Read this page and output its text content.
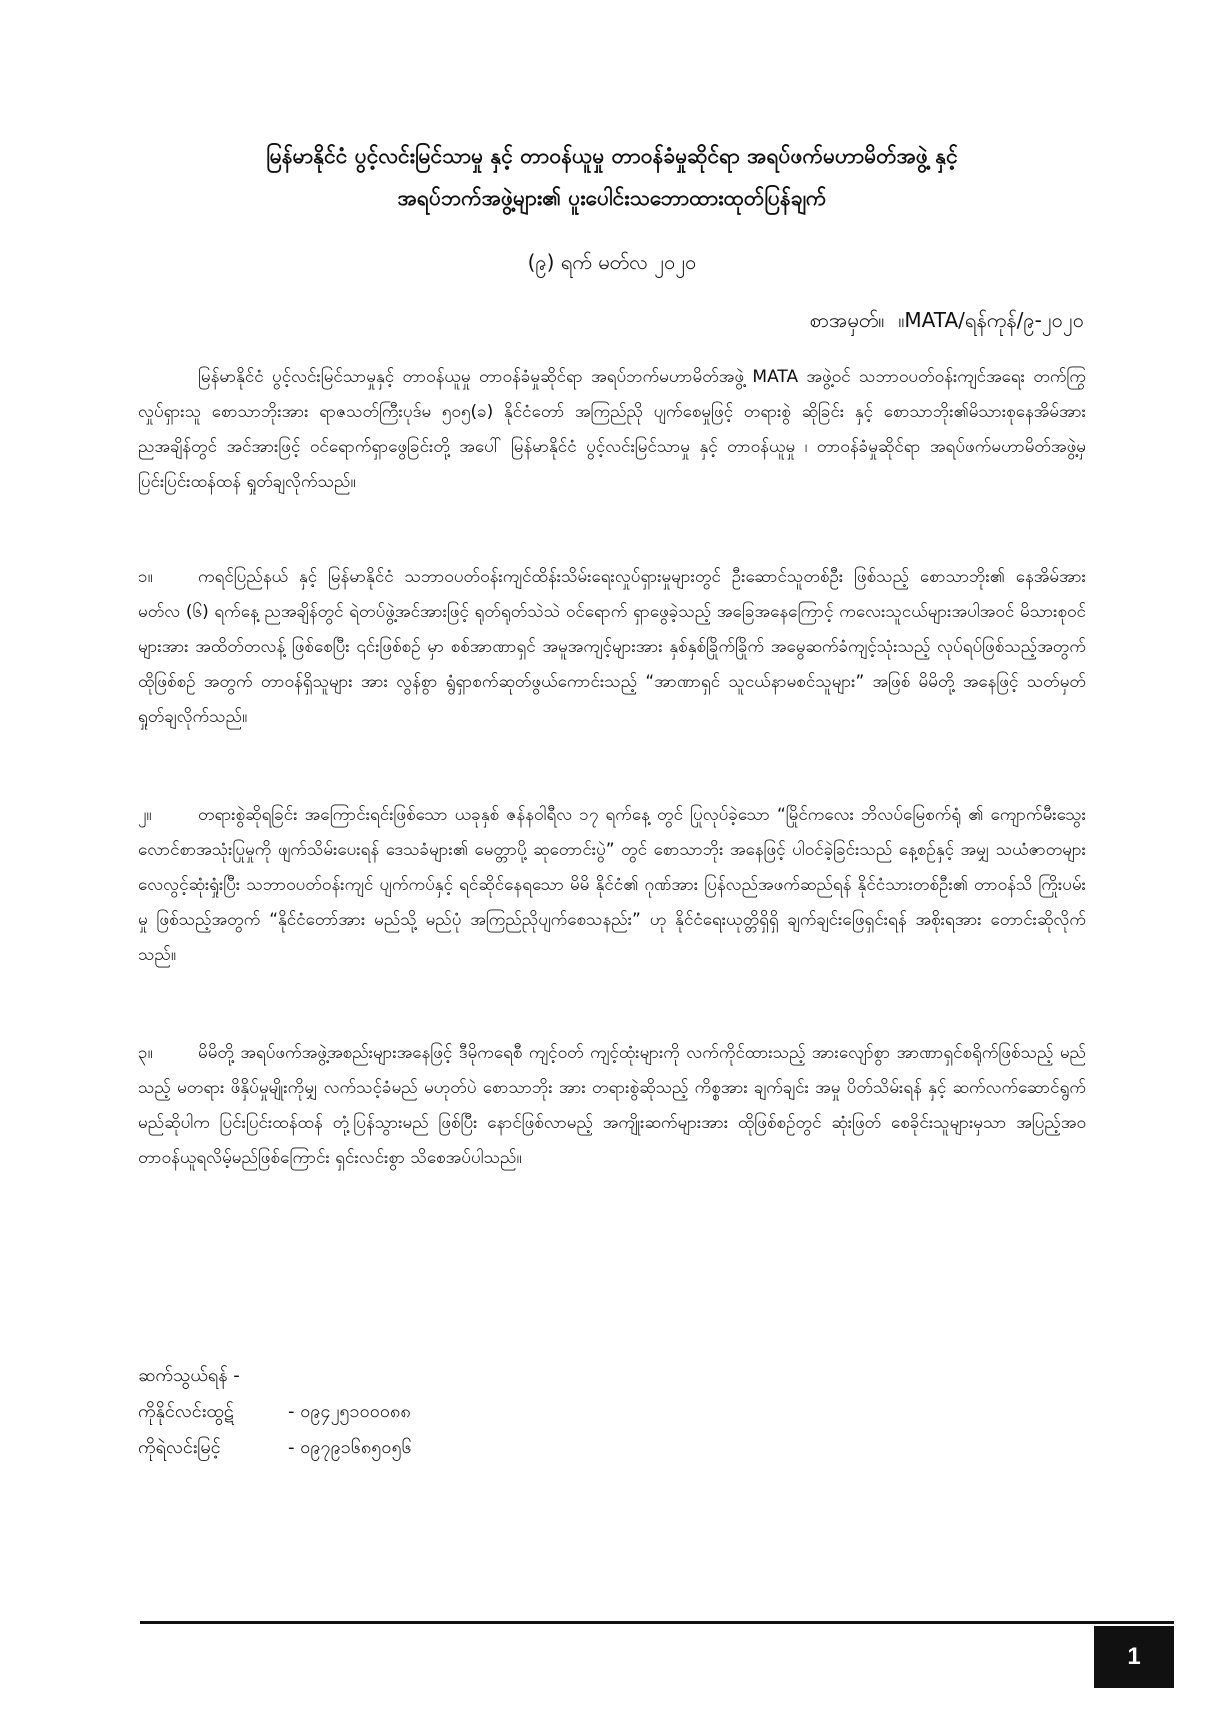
မြန်မာနိုင်ငံ ပွင့်လင်းမြင်သာမှု နှင့် တာဝန်ယူမှု တာဝန်ခံမှုဆိုင်ရာ အရပ်ဖက်မဟာမိတ်အဖွဲ့ နှင့်
အရပ်ဘက်အဖွဲ့များ၏ ပူးပေါင်းသဘောထားထုတ်ပြန်ချက်
(၉) ရက် မတ်လ ၂၀၂၀
စာအမှတ်။ ။MATA/ရန်ကုန်/၉-၂၀၂၀
မြန်မာနိုင်ငံ ပွင့်လင်းမြင်သာမှုနှင့် တာဝန်ယူမှု တာဝန်ခံမှုဆိုင်ရာ အရပ်ဘက်မဟာမိတ်အဖွဲ့ MATA အဖွဲ့ဝင် သဘာဝပတ်ဝန်းကျင်အရေး တက်ကြွလှုပ်ရှားသူ စောသာဘိုးအား ရာဇသတ်ကြီးပုဒ်မ ၅၀၅(ခ) နိုင်ငံတော် အကြည်ညို ပျက်စေမှုဖြင့် တရားစွဲ ဆိုခြင်း နှင့် စောသာဘိုး၏မိသားစုနေအိမ်အား ညအချိန်တွင် အင်အားဖြင့် ဝင်ရောက်ရှာဖွေခြင်းတို့ အပေါ် မြန်မာနိုင်ငံ ပွင့်လင်းမြင်သာမှု နှင့် တာဝန်ယူမှု ၊ တာဝန်ခံမှုဆိုင်ရာ အရပ်ဖက်မဟာမိတ်အဖွဲ့မှ ပြင်းပြင်းထန်ထန် ရှုတ်ချလိုက်သည်။
၁။	ကရင်ပြည်နယ် နှင့် မြန်မာနိုင်ငံ သဘာဝပတ်ဝန်းကျင်ထိန်းသိမ်းရေးလှုပ်ရှားမှုများတွင် ဦးဆောင်သူတစ်ဦး ဖြစ်သည့် စောသာဘိုး၏ နေအိမ်အား မတ်လ (၆) ရက်နေ့ ညအချိန်တွင် ရဲတပ်ဖွဲ့အင်အားဖြင့် ရုတ်ရုတ်သဲသဲ ဝင်ရောက် ရှာဖွေခဲ့သည့် အခြေအနေကြောင့် ကလေးသူငယ်များအပါအဝင် မိသားစုဝင်များအား အထိတ်တလန့် ဖြစ်စေပြီး ၎င်းဖြစ်စဉ် မှာ စစ်အာဏာရှင် အမူအကျင့်များအား နှစ်နှစ်ခြိုက်ခြိုက် အမွေဆက်ခံကျင့်သုံးသည့် လုပ်ရပ်ဖြစ်သည့်အတွက် ထိုဖြစ်စဉ် အတွက် တာဝန်ရှိသူများ အား လွန်စွာ ရွံရှာစက်ဆုတ်ဖွယ်ကောင်းသည့် “အာဏာရှင် သူငယ်နာမစင်သူများ” အဖြစ် မိမိတို့ အနေဖြင့် သတ်မှတ် ရှုတ်ချလိုက်သည်။
၂။	တရားစွဲဆိုရခြင်း အကြောင်းရင်းဖြစ်သော ယခုနှစ် ဇန်နဝါရီလ ၁၇ ရက်နေ့ တွင် ပြုလုပ်ခဲ့သော “မြိုင်ကလေး ဘိလပ်မြေစက်ရုံ ၏ ကျောက်မီးသွေး လောင်စာအသုံးပြုမှုကို ဖျက်သိမ်းပေးရန် ဒေသခံများ၏ မေတ္တာပို့ ဆုတောင်းပွဲ” တွင် စောသာဘိုး အနေဖြင့် ပါဝင်ခဲ့ခြင်းသည် နေ့စဉ်နှင့် အမျှ သယံဇာတများ လေလွင့်ဆုံးရှုံးပြီး သဘာဝပတ်ဝန်းကျင် ပျက်ကပ်နှင့် ရင်ဆိုင်နေရသော မိမိ နိုင်ငံ၏ ဂုဏ်အား ပြန်လည်အဖက်ဆည်ရန် နိုင်ငံသားတစ်ဦး၏ တာဝန်သိ ကြိုးပမ်းမှု ဖြစ်သည့်အတွက် “နိုင်ငံတော်အား မည်သို့ မည်ပုံ အကြည်ညိုပျက်စေသနည်း” ဟု နိုင်ငံရေးယုတ္တိရှိရှိ ချက်ချင်းဖြေရှင်းရန် အစိုးရအား တောင်းဆိုလိုက်သည်။
၃။	မိမိတို့ အရပ်ဖက်အဖွဲ့အစည်းများအနေဖြင့် ဒီမိုကရေစီ ကျင့်ဝတ် ကျင့်ထုံးများကို လက်ကိုင်ထားသည့် အားလျော်စွာ အာဏာရှင်စရိုက်ဖြစ်သည့် မည်သည့် မတရား ဖိနှိပ်မှုမျိုးကိုမျှ လက်သင့်ခံမည် မဟုတ်ပဲ စောသာဘိုး အား တရားစွဲဆိုသည့် ကိစ္စအား ချက်ချင်း အမှု ပိတ်သိမ်းရန် နှင့် ဆက်လက်ဆောင်ရွက်မည်ဆိုပါက ပြင်းပြင်းထန်ထန် တုံ့ပြန်သွားမည် ဖြစ်ပြီး နောင်ဖြစ်လာမည့် အကျိုးဆက်များအား ထိုဖြစ်စဉ်တွင် ဆုံးဖြတ် စေခိုင်းသူများမှသာ အပြည့်အဝ တာဝန်ယူရလိမ့်မည်ဖြစ်ကြောင်း ရှင်းလင်းစွာ သိစေအပ်ပါသည်။
ဆက်သွယ်ရန် -
ကိုနိုင်လင်းထွဋ်	- ၀၉၄၂၅၁၀၀၀၈၈
ကိုရဲလင်းမြင့်	- ၀၉၇၉၁၆၈၅၀၅၆
1
